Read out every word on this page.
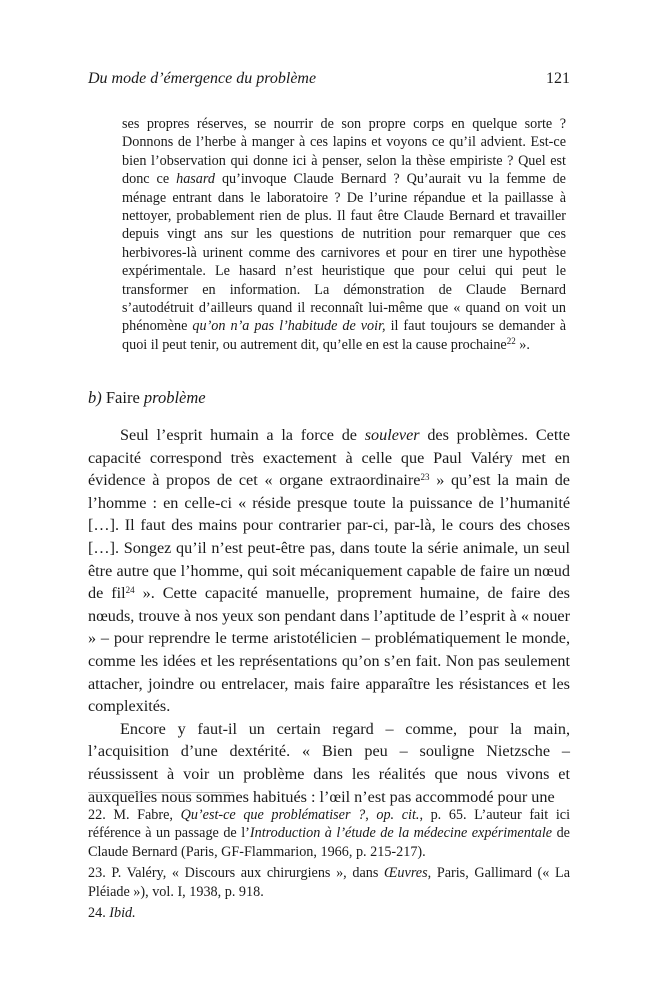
Du mode d’émergence du problème	121
ses propres réserves, se nourrir de son propre corps en quelque sorte ? Donnons de l’herbe à manger à ces lapins et voyons ce qu’il advient. Est-ce bien l’observation qui donne ici à penser, selon la thèse empiriste ? Quel est donc ce hasard qu’invoque Claude Bernard ? Qu’aurait vu la femme de ménage entrant dans le laboratoire ? De l’urine répandue et la paillasse à nettoyer, probablement rien de plus. Il faut être Claude Bernard et travailler depuis vingt ans sur les questions de nutrition pour remarquer que ces herbivores-là urinent comme des carnivores et pour en tirer une hypothèse expérimentale. Le hasard n’est heuristique que pour celui qui peut le transformer en information. La démonstration de Claude Bernard s’autodétruit d’ailleurs quand il reconnaît lui-même que « quand on voit un phénomène qu’on n’a pas l’habitude de voir, il faut toujours se demander à quoi il peut tenir, ou autrement dit, qu’elle en est la cause prochaine$^{22}$ ».
b) Faire problème

Seul l’esprit humain a la force de soulever des problèmes. Cette capacité correspond très exactement à celle que Paul Valéry met en évidence à propos de cet « organe extraordinaire$^{23}$ » qu’est la main de l’homme : en celle-ci « réside presque toute la puissance de l’humanité […]. Il faut des mains pour contrarier par-ci, par-là, le cours des choses […]. Songez qu’il n’est peut-être pas, dans toute la série animale, un seul être autre que l’homme, qui soit mécaniquement capable de faire un nœud de fil$^{24}$ ». Cette capacité manuelle, proprement humaine, de faire des nœuds, trouve à nos yeux son pendant dans l’aptitude de l’esprit à « nouer » – pour reprendre le terme aristotélicien – problématiquement le monde, comme les idées et les représentations qu’on s’en fait. Non pas seulement attacher, joindre ou entrelacer, mais faire apparaître les résistances et les complexités.

Encore y faut-il un certain regard – comme, pour la main, l’acquisition d’une dextérité. « Bien peu – souligne Nietzsche – réussissent à voir un problème dans les réalités que nous vivons et auxquelles nous sommes habitués : l’œil n’est pas accommodé pour une

22. M. Fabre, Qu’est-ce que problématiser ?, op. cit., p. 65. L’auteur fait ici référence à un passage de l’Introduction à l’étude de la médecine expérimentale de Claude Bernard (Paris, GF-Flammarion, 1966, p. 215-217).

23. P. Valéry, « Discours aux chirurgiens », dans Œuvres, Paris, Gallimard (« La Pléiade »), vol. I, 1938, p. 918.

24. Ibid.
